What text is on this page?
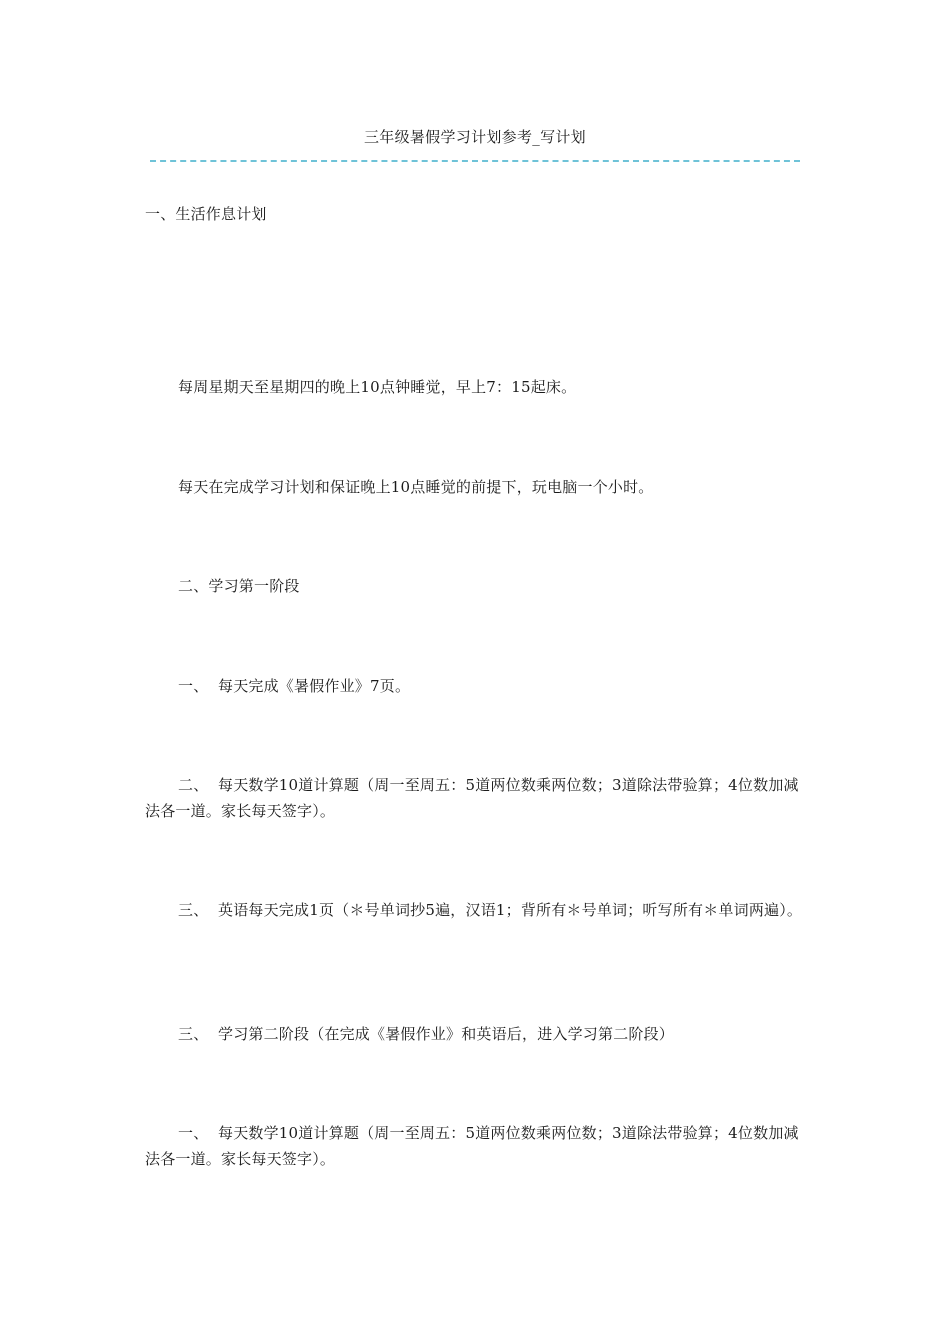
三年级暑假学习计划参考_写计划

一、生活作息计划

每周星期天至星期四的晚上10点钟睡觉，早上7：15起床。

每天在完成学习计划和保证晚上10点睡觉的前提下，玩电脑一个小时。

二、学习第一阶段

一、 每天完成《暑假作业》7页。

二、 每天数学10道计算题（周一至周五：5道两位数乘两位数；3道除法带验算；4位数加减法各一道。家长每天签字）。

三、 英语每天完成1页（＊号单词抄5遍，汉语1；背所有＊号单词；听写所有＊单词两遍）。

三、 学习第二阶段（在完成《暑假作业》和英语后，进入学习第二阶段）

一、 每天数学10道计算题（周一至周五：5道两位数乘两位数；3道除法带验算；4位数加减法各一道。家长每天签字）。
